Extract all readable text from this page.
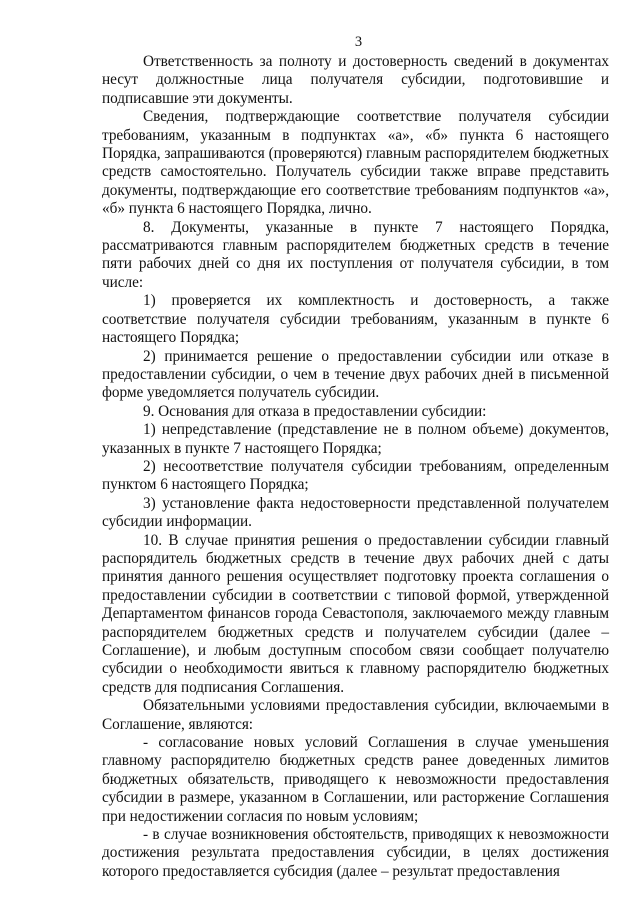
3

Ответственность за полноту и достоверность сведений в документах несут должностные лица получателя субсидии, подготовившие и подписавшие эти документы.

Сведения, подтверждающие соответствие получателя субсидии требованиям, указанным в подпунктах «а», «б» пункта 6 настоящего Порядка, запрашиваются (проверяются) главным распорядителем бюджетных средств самостоятельно. Получатель субсидии также вправе представить документы, подтверждающие его соответствие требованиям подпунктов «а», «б» пункта 6 настоящего Порядка, лично.

8. Документы, указанные в пункте 7 настоящего Порядка, рассматриваются главным распорядителем бюджетных средств в течение пяти рабочих дней со дня их поступления от получателя субсидии, в том числе:

1) проверяется их комплектность и достоверность, а также соответствие получателя субсидии требованиям, указанным в пункте 6 настоящего Порядка;

2) принимается решение о предоставлении субсидии или отказе в предоставлении субсидии, о чем в течение двух рабочих дней в письменной форме уведомляется получатель субсидии.

9. Основания для отказа в предоставлении субсидии:

1) непредставление (представление не в полном объеме) документов, указанных в пункте 7 настоящего Порядка;

2) несоответствие получателя субсидии требованиям, определенным пунктом 6 настоящего Порядка;

3) установление факта недостоверности представленной получателем субсидии информации.

10. В случае принятия решения о предоставлении субсидии главный распорядитель бюджетных средств в течение двух рабочих дней с даты принятия данного решения осуществляет подготовку проекта соглашения о предоставлении субсидии в соответствии с типовой формой, утвержденной Департаментом финансов города Севастополя, заключаемого между главным распорядителем бюджетных средств и получателем субсидии (далее – Соглашение), и любым доступным способом связи сообщает получателю субсидии о необходимости явиться к главному распорядителю бюджетных средств для подписания Соглашения.

Обязательными условиями предоставления субсидии, включаемыми в Соглашение, являются:

- согласование новых условий Соглашения в случае уменьшения главному распорядителю бюджетных средств ранее доведенных лимитов бюджетных обязательств, приводящего к невозможности предоставления субсидии в размере, указанном в Соглашении, или расторжение Соглашения при недостижении согласия по новым условиям;

- в случае возникновения обстоятельств, приводящих к невозможности достижения результата предоставления субсидии, в целях достижения которого предоставляется субсидия (далее – результат предоставления
